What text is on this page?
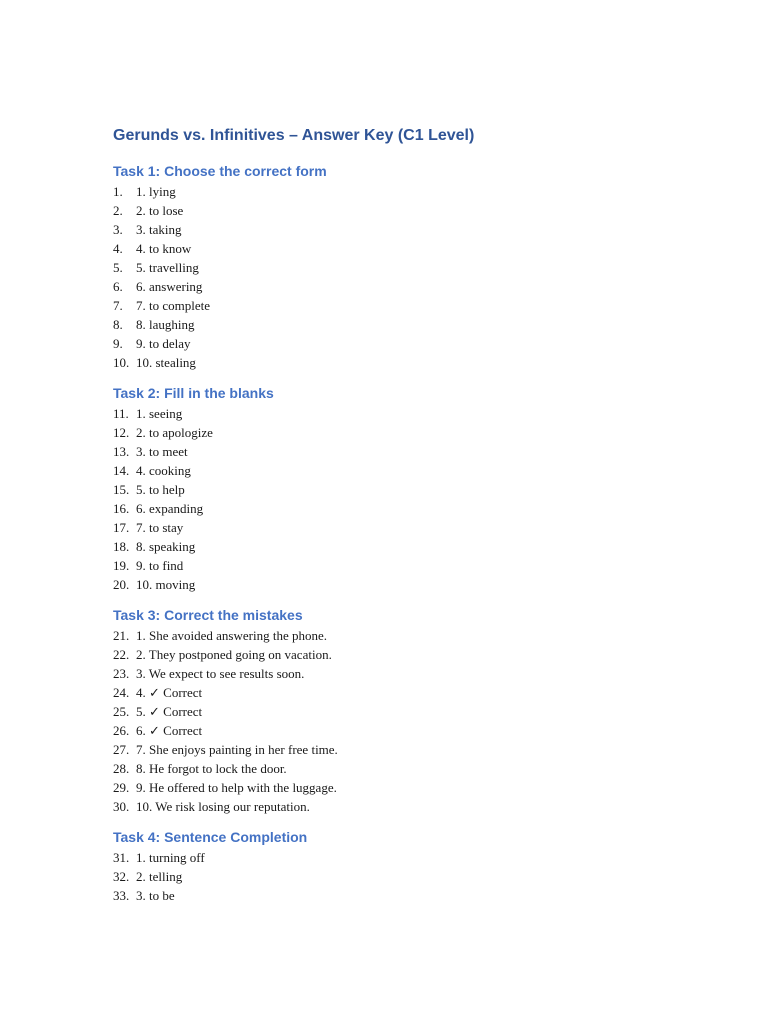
Gerunds vs. Infinitives – Answer Key (C1 Level)
Task 1: Choose the correct form
1.	1. lying
2.	2. to lose
3.	3. taking
4.	4. to know
5.	5. travelling
6.	6. answering
7.	7. to complete
8.	8. laughing
9.	9. to delay
10. 10. stealing
Task 2: Fill in the blanks
11. 1. seeing
12. 2. to apologize
13. 3. to meet
14. 4. cooking
15. 5. to help
16. 6. expanding
17. 7. to stay
18. 8. speaking
19. 9. to find
20. 10. moving
Task 3: Correct the mistakes
21. 1. She avoided answering the phone.
22. 2. They postponed going on vacation.
23. 3. We expect to see results soon.
24. 4. ✓ Correct
25. 5. ✓ Correct
26. 6. ✓ Correct
27. 7. She enjoys painting in her free time.
28. 8. He forgot to lock the door.
29. 9. He offered to help with the luggage.
30. 10. We risk losing our reputation.
Task 4: Sentence Completion
31. 1. turning off
32. 2. telling
33. 3. to be
